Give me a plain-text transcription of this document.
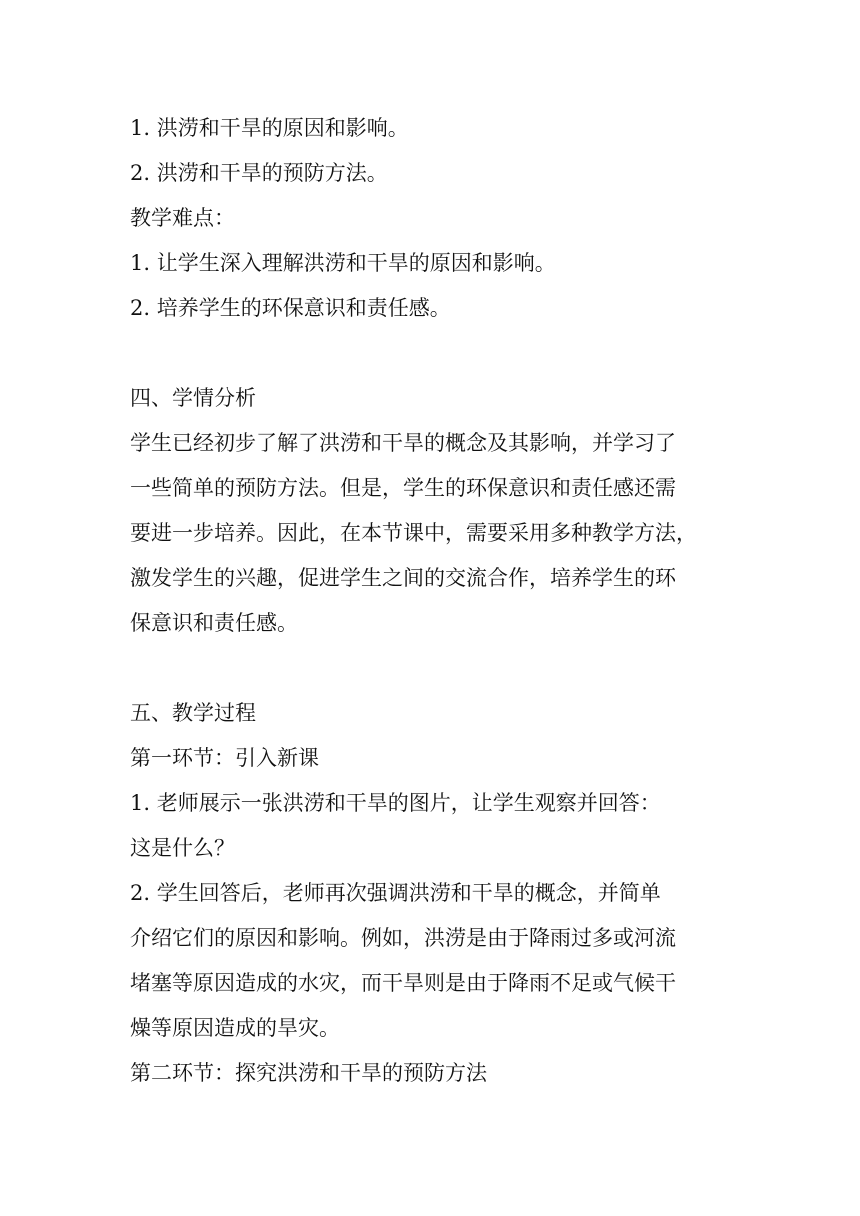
1. 洪涝和干旱的原因和影响。
2. 洪涝和干旱的预防方法。
教学难点：
1. 让学生深入理解洪涝和干旱的原因和影响。
2. 培养学生的环保意识和责任感。
四、学情分析
学生已经初步了解了洪涝和干旱的概念及其影响，并学习了
一些简单的预防方法。但是，学生的环保意识和责任感还需
要进一步培养。因此，在本节课中，需要采用多种教学方法，
激发学生的兴趣，促进学生之间的交流合作，培养学生的环
保意识和责任感。
五、教学过程
第一环节：引入新课
1. 老师展示一张洪涝和干旱的图片，让学生观察并回答：
这是什么？
2. 学生回答后，老师再次强调洪涝和干旱的概念，并简单
介绍它们的原因和影响。例如，洪涝是由于降雨过多或河流
堵塞等原因造成的水灾，而干旱则是由于降雨不足或气候干
燥等原因造成的旱灾。
第二环节：探究洪涝和干旱的预防方法
